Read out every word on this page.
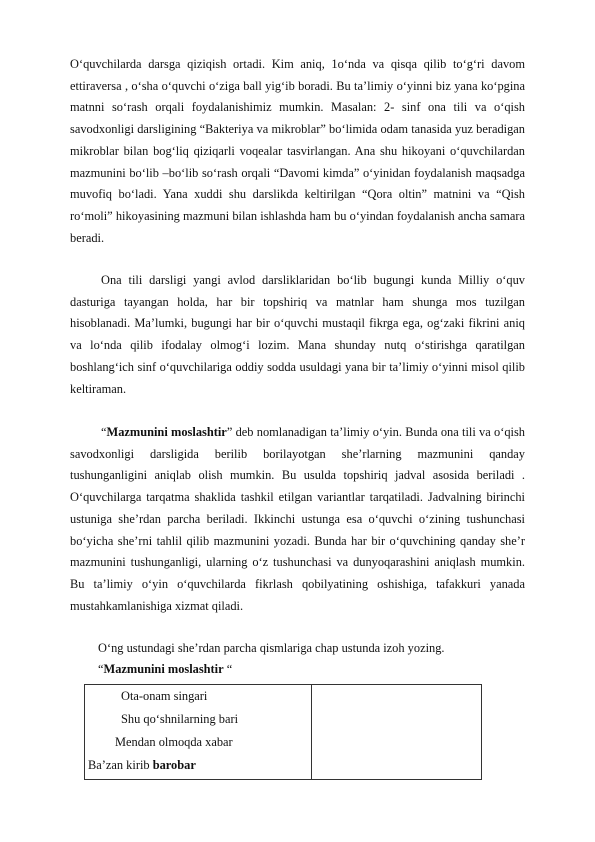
O‘quvchilarda darsga qiziqish ortadi. Kim aniq, 1o‘nda va qisqa qilib to‘g‘ri davom ettiraversa , o‘sha o‘quvchi o‘ziga ball yig‘ib boradi. Bu ta’limiy o‘yinni biz yana ko‘pgina matnni so‘rash orqali foydalanishimiz mumkin. Masalan: 2- sinf ona tili va o‘qish savodxonligi darsligining “Bakteriya va mikroblar” bo‘limida odam tanasida yuz beradigan mikroblar bilan bog‘liq qiziqarli voqealar tasvirlangan. Ana shu hikoyani o‘quvchilardan mazmunini bo‘lib –bo‘lib so‘rash orqali “Davomi kimda” o‘yinidan foydalanish maqsadga muvofiq bo‘ladi. Yana xuddi shu darslikda keltirilgan “Qora oltin” matnini va “Qish ro‘moli” hikoyasining mazmuni bilan ishlashda ham bu o‘yindan foydalanish ancha samara beradi.

Ona tili darsligi yangi avlod darsliklaridan bo‘lib bugungi kunda Milliy o‘quv dasturiga tayangan holda, har bir topshiriq va matnlar ham shunga mos tuzilgan hisoblanadi. Ma’lumki, bugungi har bir o‘quvchi mustaqil fikrga ega, og‘zaki fikrini aniq va lo‘nda qilib ifodalay olmog‘i lozim. Mana shunday nutq o‘stirishga qaratilgan boshlang‘ich sinf o‘quvchilariga oddiy sodda usuldagi yana bir ta’limiy o‘yinni misol qilib keltiraman.

“Mazmunini moslashtir” deb nomlanadigan ta’limiy o‘yin. Bunda ona tili va o‘qish savodxonligi darsligida berilib borilayotgan she’rlarning mazmunini qanday tushunganligini aniqlab olish mumkin. Bu usulda topshiriq jadval asosida beriladi . O‘quvchilarga tarqatma shaklida tashkil etilgan variantlar tarqatiladi. Jadvalning birinchi ustuniga she’rdan parcha beriladi. Ikkinchi ustunga esa o‘quvchi o‘zining tushunchasi bo‘yicha she’rni tahlil qilib mazmunini yozadi. Bunda har bir o‘quvchining qanday she’r mazmunini tushunganligi, ularning o‘z tushunchasi va dunyoqarashini aniqlash mumkin. Bu ta’limiy o‘yin o‘quvchilarda fikrlash qobilyatining oshishiga, tafakkuri yanada mustahkamlanishiga xizmat qiladi.

O‘ng ustundagi she’rdan parcha qismlariga chap ustunda izoh yozing.

“Mazmunini moslashtir “

Ota-onam singari
Shu qo‘shnilarning bari
Mendan olmoqda xabar
Ba’zan kirib barobar
